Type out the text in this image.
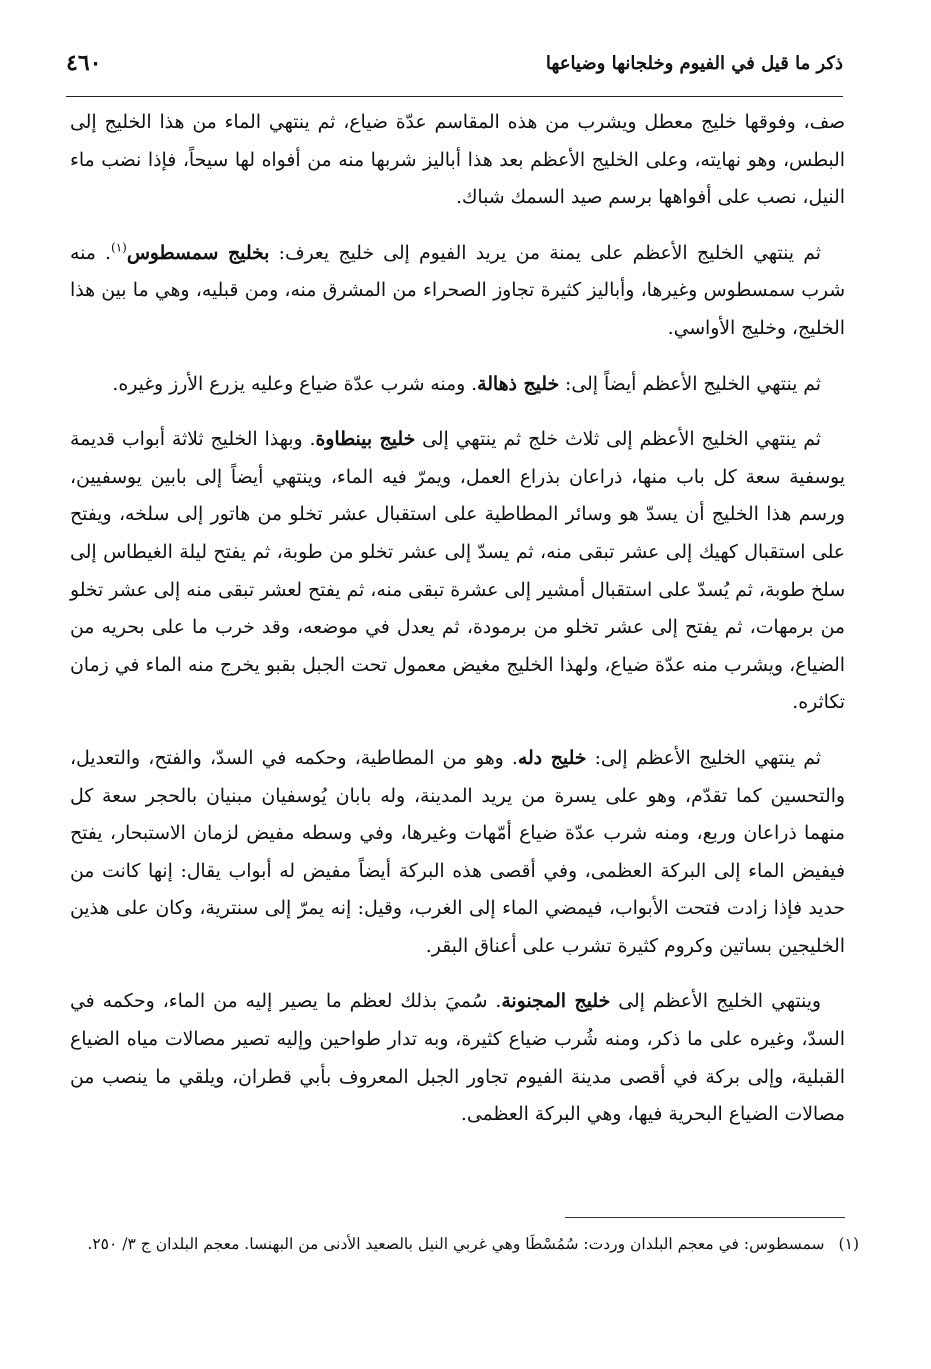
ذكر ما قيل في الفيوم وخلجانها وضياعها
٤٦٠

صف، وفوقها خليج معطل ويشرب من هذه المقاسم عدّة ضياع، ثم ينتهي الماء من هذا الخليج إلى البطس، وهو نهايته، وعلى الخليج الأعظم بعد هذا أباليز شربها منه من أفواه لها سيحاً، فإذا نضب ماء النيل، نصب على أفواهها برسم صيد السمك شباك.

ثم ينتهي الخليج الأعظم على يمنة من يريد الفيوم إلى خليج يعرف: بخليج سمسطوس$^{(١)}$. منه شرب سمسطوس وغيرها، وأباليز كثيرة تجاوز الصحراء من المشرق منه، ومن قبليه، وهي ما بين هذا الخليج، وخليج الأواسي.

ثم ينتهي الخليج الأعظم أيضاً إلى: خليج ذهالة. ومنه شرب عدّة ضياع وعليه يزرع الأرز وغيره.

ثم ينتهي الخليج الأعظم إلى ثلاث خلج ثم ينتهي إلى خليج بينطاوة. وبهذا الخليج ثلاثة أبواب قديمة يوسفية سعة كل باب منها، ذراعان بذراع العمل، ويمرّ فيه الماء، وينتهي أيضاً إلى بابين يوسفيين، ورسم هذا الخليج أن يسدّ هو وسائر المطاطية على استقبال عشر تخلو من هاتور إلى سلخه، ويفتح على استقبال كهيك إلى عشر تبقى منه، ثم يسدّ إلى عشر تخلو من طوبة، ثم يفتح ليلة الغيطاس إلى سلخ طوبة، ثم يُسدّ على استقبال أمشير إلى عشرة تبقى منه، ثم يفتح لعشر تبقى منه إلى عشر تخلو من برمهات، ثم يفتح إلى عشر تخلو من برمودة، ثم يعدل في موضعه، وقد خرب ما على بحريه من الضياع، ويشرب منه عدّة ضياع، ولهذا الخليج مغيض معمول تحت الجبل بقبو يخرج منه الماء في زمان تكاثره.

ثم ينتهي الخليج الأعظم إلى: خليج دله. وهو من المطاطية، وحكمه في السدّ، والفتح، والتعديل، والتحسين كما تقدّم، وهو على يسرة من يريد المدينة، وله بابان يُوسفيان مبنيان بالحجر سعة كل منهما ذراعان وربع، ومنه شرب عدّة ضياع أمّهات وغيرها، وفي وسطه مفيض لزمان الاستبحار، يفتح فيفيض الماء إلى البركة العظمى، وفي أقصى هذه البركة أيضاً مفيض له أبواب يقال: إنها كانت من حديد فإذا زادت فتحت الأبواب، فيمضي الماء إلى الغرب، وقيل: إنه يمرّ إلى سنترية، وكان على هذين الخليجين بساتين وكروم كثيرة تشرب على أعناق البقر.

وينتهي الخليج الأعظم إلى خليج المجنونة. سُميَ بذلك لعظم ما يصير إليه من الماء، وحكمه في السدّ، وغيره على ما ذكر، ومنه شُرب ضياع كثيرة، وبه تدار طواحين وإليه تصير مصالات مياه الضياع القبلية، وإلى بركة في أقصى مدينة الفيوم تجاور الجبل المعروف بأبي قطران، ويلقي ما ينصب من مصالات الضياع البحرية فيها، وهي البركة العظمى.

(١)سمسطوس: في معجم البلدان وردت: سُمُسْطَا وهي غربي النيل بالصعيد الأدنى من البهنسا. معجم البلدان ج ٣/ ٢٥٠.
